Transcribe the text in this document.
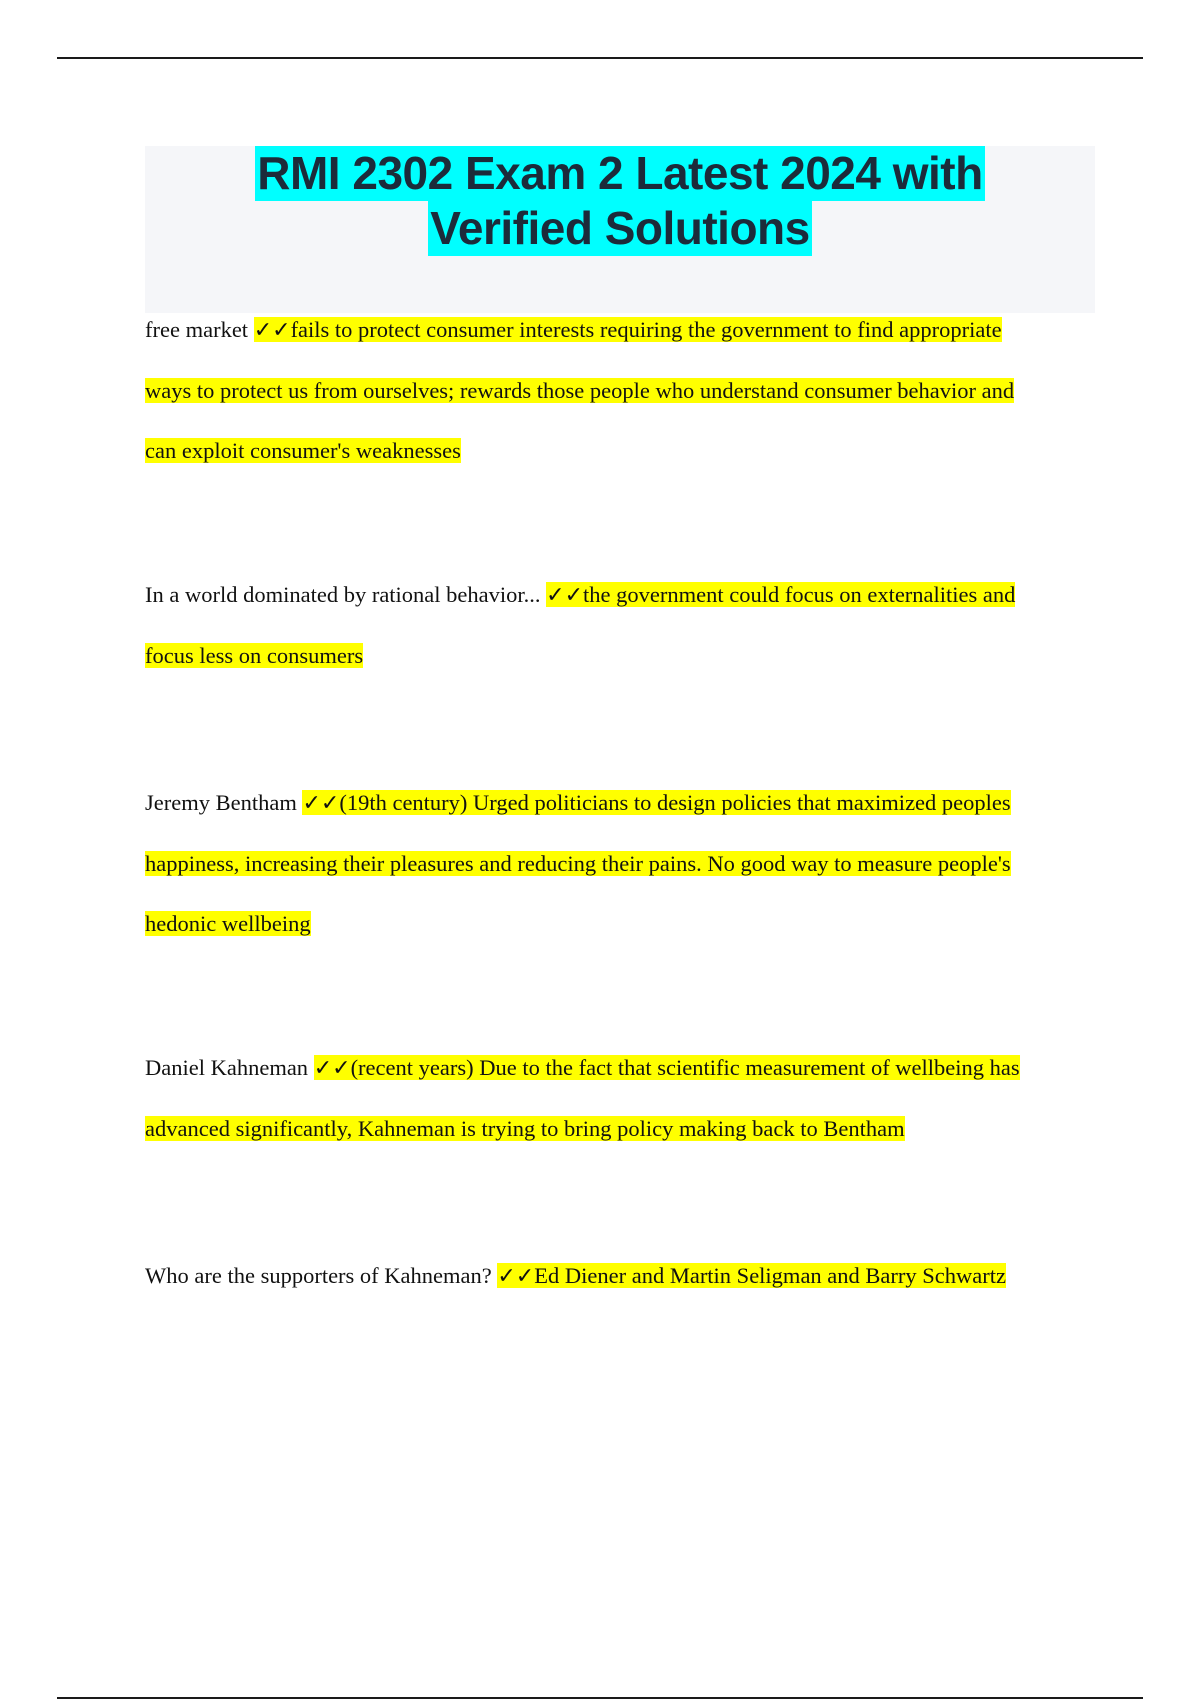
RMI 2302 Exam 2 Latest 2024 with
Verified Solutions
free market ✓✓fails to protect consumer interests requiring the government to find appropriate
ways to protect us from ourselves; rewards those people who understand consumer behavior and
can exploit consumer's weaknesses
In a world dominated by rational behavior... ✓✓the government could focus on externalities and
focus less on consumers
Jeremy Bentham ✓✓(19th century) Urged politicians to design policies that maximized peoples
happiness, increasing their pleasures and reducing their pains. No good way to measure people's
hedonic wellbeing
Daniel Kahneman ✓✓(recent years) Due to the fact that scientific measurement of wellbeing has
advanced significantly, Kahneman is trying to bring policy making back to Bentham
Who are the supporters of Kahneman? ✓✓Ed Diener and Martin Seligman and Barry Schwartz
